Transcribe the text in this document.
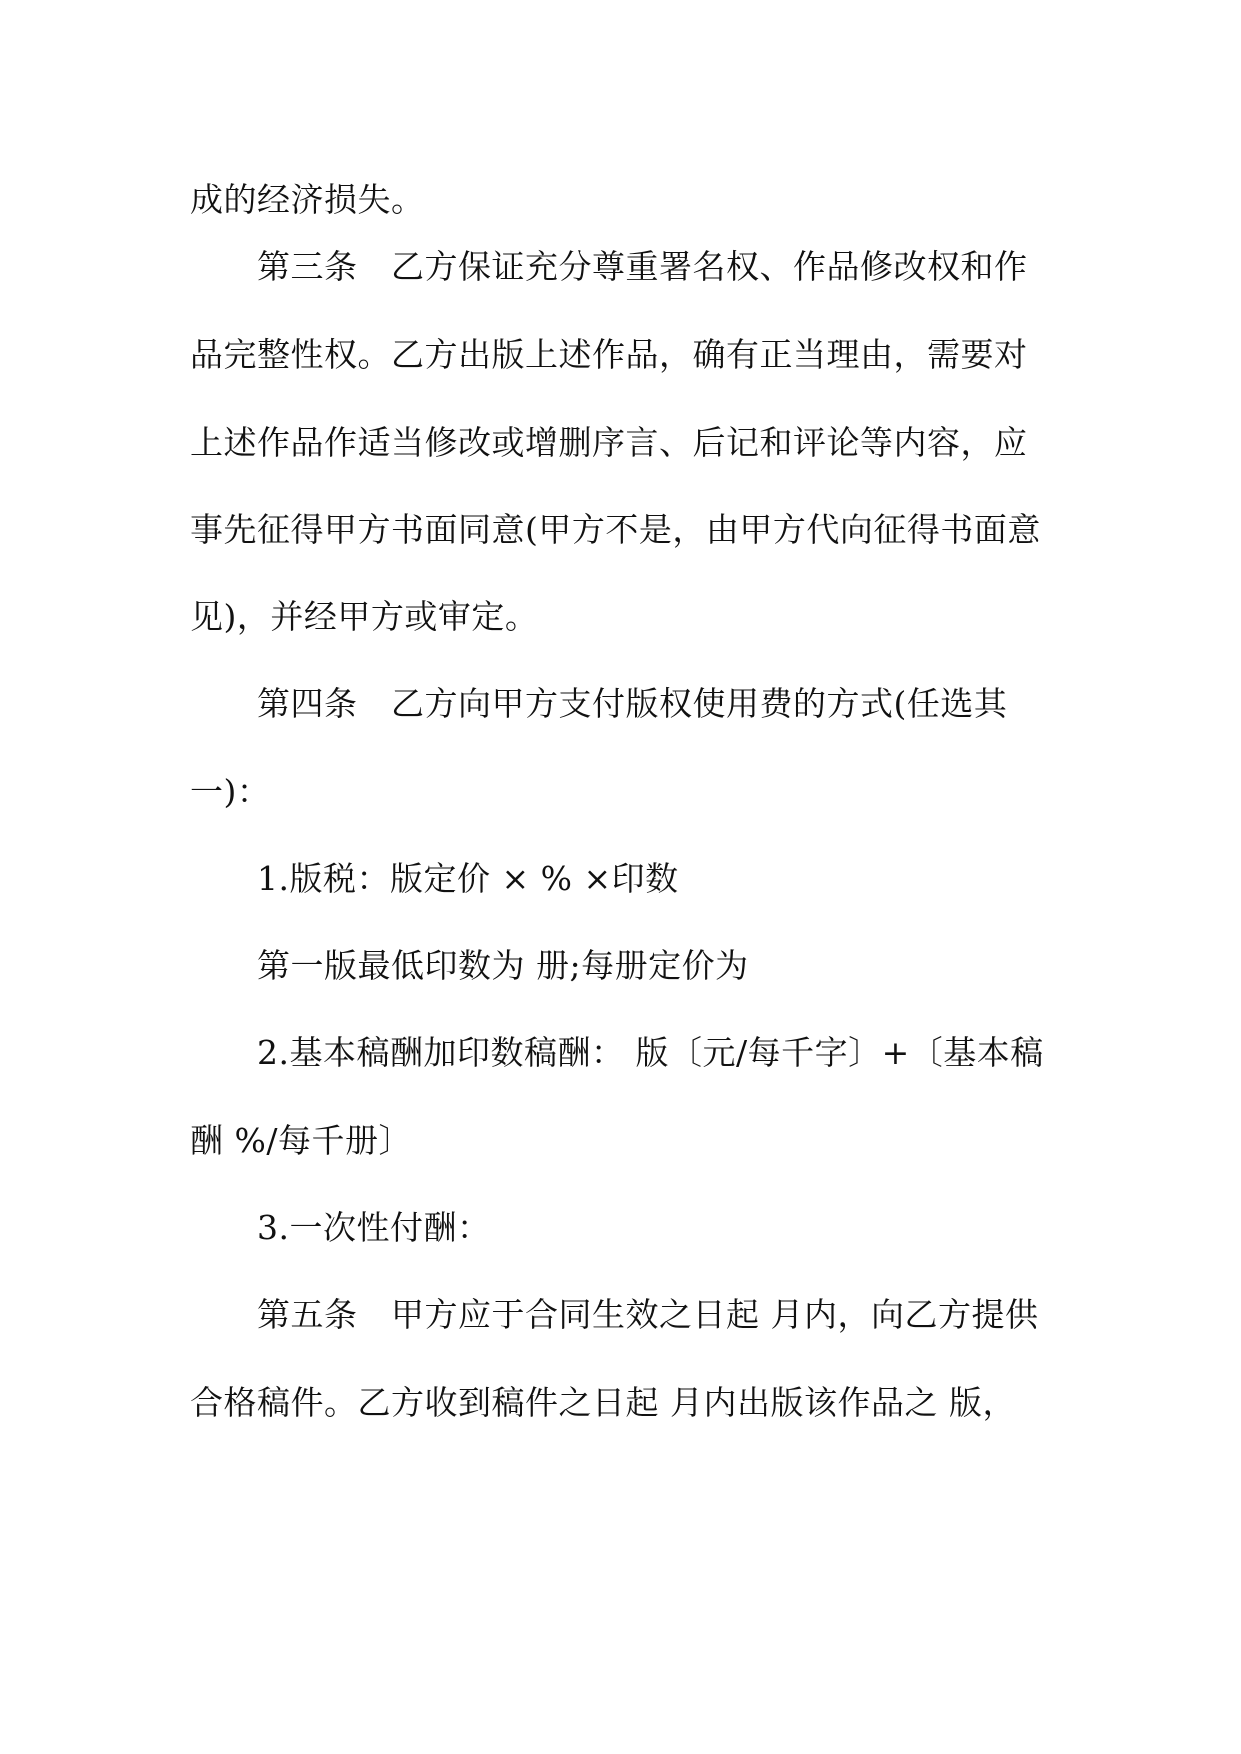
成的经济损失。

第三条　乙方保证充分尊重署名权、作品修改权和作

品完整性权。乙方出版上述作品，确有正当理由，需要对

上述作品作适当修改或增删序言、后记和评论等内容，应

事先征得甲方书面同意(甲方不是，由甲方代向征得书面意

见)，并经甲方或审定。

第四条　乙方向甲方支付版权使用费的方式(任选其

一)：

1.版税：版定价 × % ×印数

第一版最低印数为 册;每册定价为

2.基本稿酬加印数稿酬： 版〔元/每千字〕+〔基本稿

酬 %/每千册〕

3.一次性付酬：

第五条　甲方应于合同生效之日起 月内，向乙方提供

合格稿件。乙方收到稿件之日起 月内出版该作品之 版，
